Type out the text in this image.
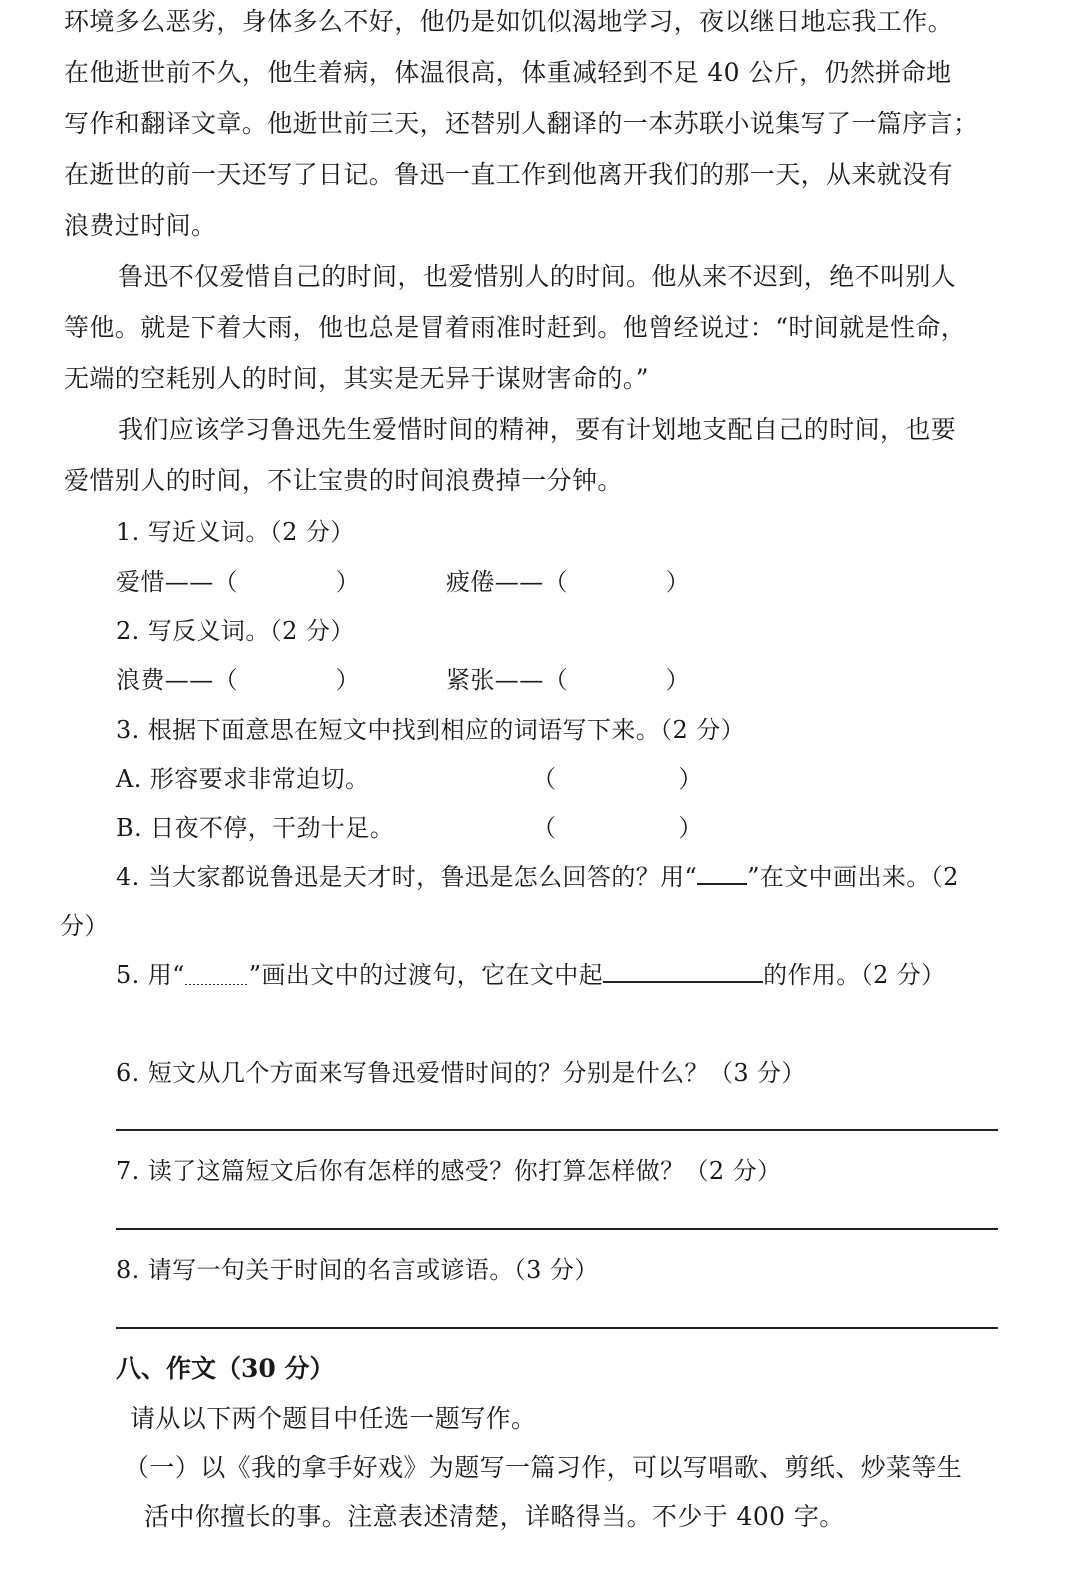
环境多么恶劣，身体多么不好，他仍是如饥似渴地学习，夜以继日地忘我工作。
在他逝世前不久，他生着病，体温很高，体重减轻到不足 40 公斤，仍然拼命地
写作和翻译文章。他逝世前三天，还替别人翻译的一本苏联小说集写了一篇序言；
在逝世的前一天还写了日记。鲁迅一直工作到他离开我们的那一天，从来就没有
浪费过时间。
鲁迅不仅爱惜自己的时间，也爱惜别人的时间。他从来不迟到，绝不叫别人
等他。就是下着大雨，他也总是冒着雨准时赶到。他曾经说过：“时间就是性命，
无端的空耗别人的时间，其实是无异于谋财害命的。”
我们应该学习鲁迅先生爱惜时间的精神，要有计划地支配自己的时间，也要
爱惜别人的时间，不让宝贵的时间浪费掉一分钟。
1. 写近义词。（2 分）
爱惜——（　　　　）	疲倦——（　　　　）
2. 写反义词。（2 分）
浪费——（　　　　）	紧张——（　　　　）
3. 根据下面意思在短文中找到相应的词语写下来。（2 分）
A. 形容要求非常迫切。	（　　　　　）
B. 日夜不停，干劲十足。	（　　　　　）
4. 当大家都说鲁迅是天才时，鲁迅是怎么回答的？用“ ”在文中画出来。（2
分）
5. 用“	”画出文中的过渡句，它在文中起	的作用。（2 分）
6. 短文从几个方面来写鲁迅爱惜时间的？分别是什么？（3 分）
7. 读了这篇短文后你有怎样的感受？你打算怎样做？（2 分）
8. 请写一句关于时间的名言或谚语。（3 分）
八、作文（30 分）
请从以下两个题目中任选一题写作。
（一）以《我的拿手好戏》为题写一篇习作，可以写唱歌、剪纸、炒菜等生
活中你擅长的事。注意表述清楚，详略得当。不少于 400 字。
